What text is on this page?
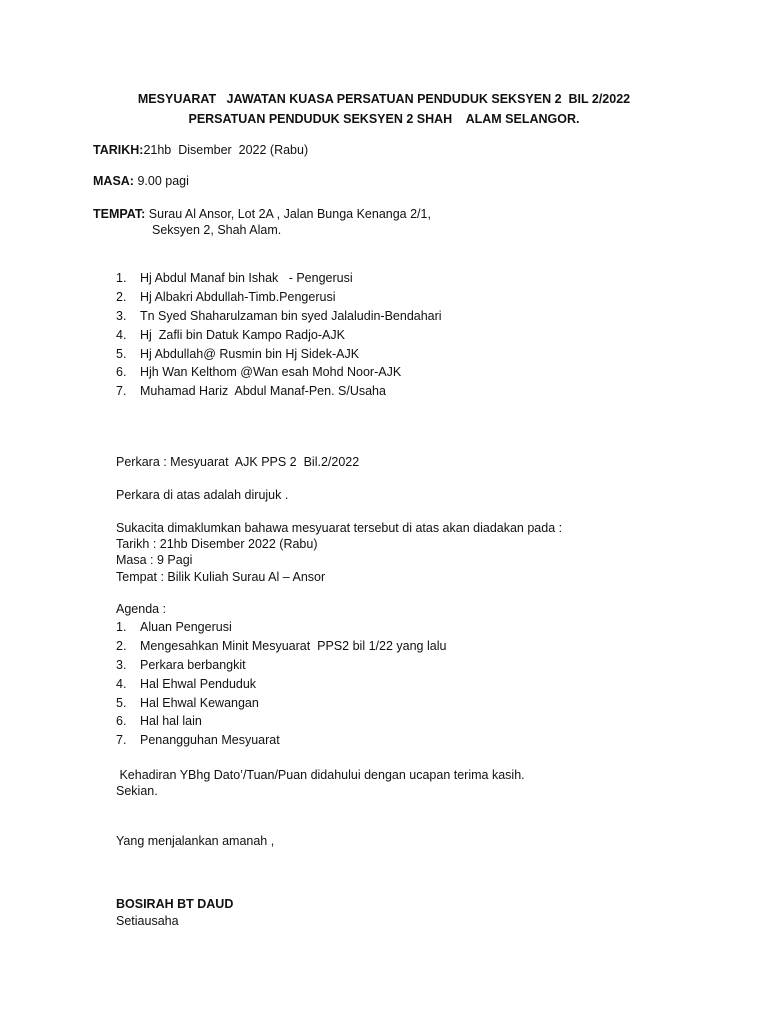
MESYUARAT   JAWATAN KUASA PERSATUAN PENDUDUK SEKSYEN 2  BIL 2/2022
PERSATUAN PENDUDUK SEKSYEN 2 SHAH    ALAM SELANGOR.
TARIKH:21hb  Disember  2022 (Rabu)
MASA: 9.00 pagi
TEMPAT: Surau Al Ansor, Lot 2A , Jalan Bunga Kenanga 2/1,
Seksyen 2, Shah Alam.
1. Hj Abdul Manaf bin Ishak   - Pengerusi
2. Hj Albakri Abdullah-Timb.Pengerusi
3. Tn Syed Shaharulzaman bin syed Jalaludin-Bendahari
4. Hj  Zafli bin Datuk Kampo Radjo-AJK
5. Hj Abdullah@ Rusmin bin Hj Sidek-AJK
6. Hjh Wan Kelthom @Wan esah Mohd Noor-AJK
7. Muhamad Hariz  Abdul Manaf-Pen. S/Usaha
Perkara : Mesyuarat  AJK PPS 2  Bil.2/2022
Perkara di atas adalah dirujuk .
Sukacita dimaklumkan bahawa mesyuarat tersebut di atas akan diadakan pada :
Tarikh : 21hb Disember 2022 (Rabu)
Masa : 9 Pagi
Tempat : Bilik Kuliah Surau Al – Ansor
Agenda :
1. Aluan Pengerusi
2. Mengesahkan Minit Mesyuarat  PPS2 bil 1/22 yang lalu
3. Perkara berbangkit
4. Hal Ehwal Penduduk
5. Hal Ehwal Kewangan
6. Hal hal lain
7. Penangguhan Mesyuarat
Kehadiran YBhg Dato’/Tuan/Puan didahului dengan ucapan terima kasih.
Sekian.
Yang menjalankan amanah ,
BOSIRAH BT DAUD
Setiausaha
